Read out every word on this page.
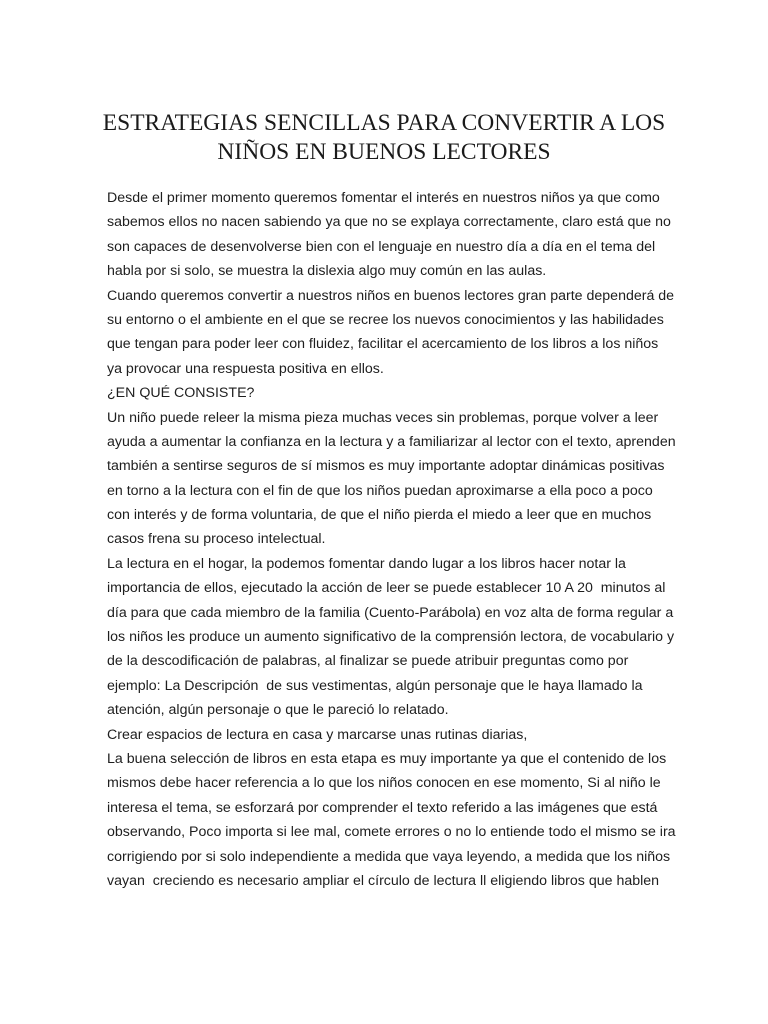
ESTRATEGIAS SENCILLAS PARA CONVERTIR A LOS
NIÑOS EN BUENOS LECTORES
Desde el primer momento queremos fomentar el interés en nuestros niños ya que como
sabemos ellos no nacen sabiendo ya que no se explaya correctamente, claro está que no
son capaces de desenvolverse bien con el lenguaje en nuestro día a día en el tema del
habla por si solo, se muestra la dislexia algo muy común en las aulas.
Cuando queremos convertir a nuestros niños en buenos lectores gran parte dependerá de
su entorno o el ambiente en el que se recree los nuevos conocimientos y las habilidades
que tengan para poder leer con fluidez, facilitar el acercamiento de los libros a los niños
ya provocar una respuesta positiva en ellos.
¿EN QUÉ CONSISTE?
Un niño puede releer la misma pieza muchas veces sin problemas, porque volver a leer
ayuda a aumentar la confianza en la lectura y a familiarizar al lector con el texto, aprenden
también a sentirse seguros de sí mismos es muy importante adoptar dinámicas positivas
en torno a la lectura con el fin de que los niños puedan aproximarse a ella poco a poco
con interés y de forma voluntaria, de que el niño pierda el miedo a leer que en muchos
casos frena su proceso intelectual.
La lectura en el hogar, la podemos fomentar dando lugar a los libros hacer notar la
importancia de ellos, ejecutado la acción de leer se puede establecer 10 A 20  minutos al
día para que cada miembro de la familia (Cuento-Parábola) en voz alta de forma regular a
los niños les produce un aumento significativo de la comprensión lectora, de vocabulario y
de la descodificación de palabras, al finalizar se puede atribuir preguntas como por
ejemplo: La Descripción  de sus vestimentas, algún personaje que le haya llamado la
atención, algún personaje o que le pareció lo relatado.
Crear espacios de lectura en casa y marcarse unas rutinas diarias,
La buena selección de libros en esta etapa es muy importante ya que el contenido de los
mismos debe hacer referencia a lo que los niños conocen en ese momento, Si al niño le
interesa el tema, se esforzará por comprender el texto referido a las imágenes que está
observando, Poco importa si lee mal, comete errores o no lo entiende todo el mismo se ira
corrigiendo por si solo independiente a medida que vaya leyendo, a medida que los niños
vayan  creciendo es necesario ampliar el círculo de lectura ll eligiendo libros que hablen
